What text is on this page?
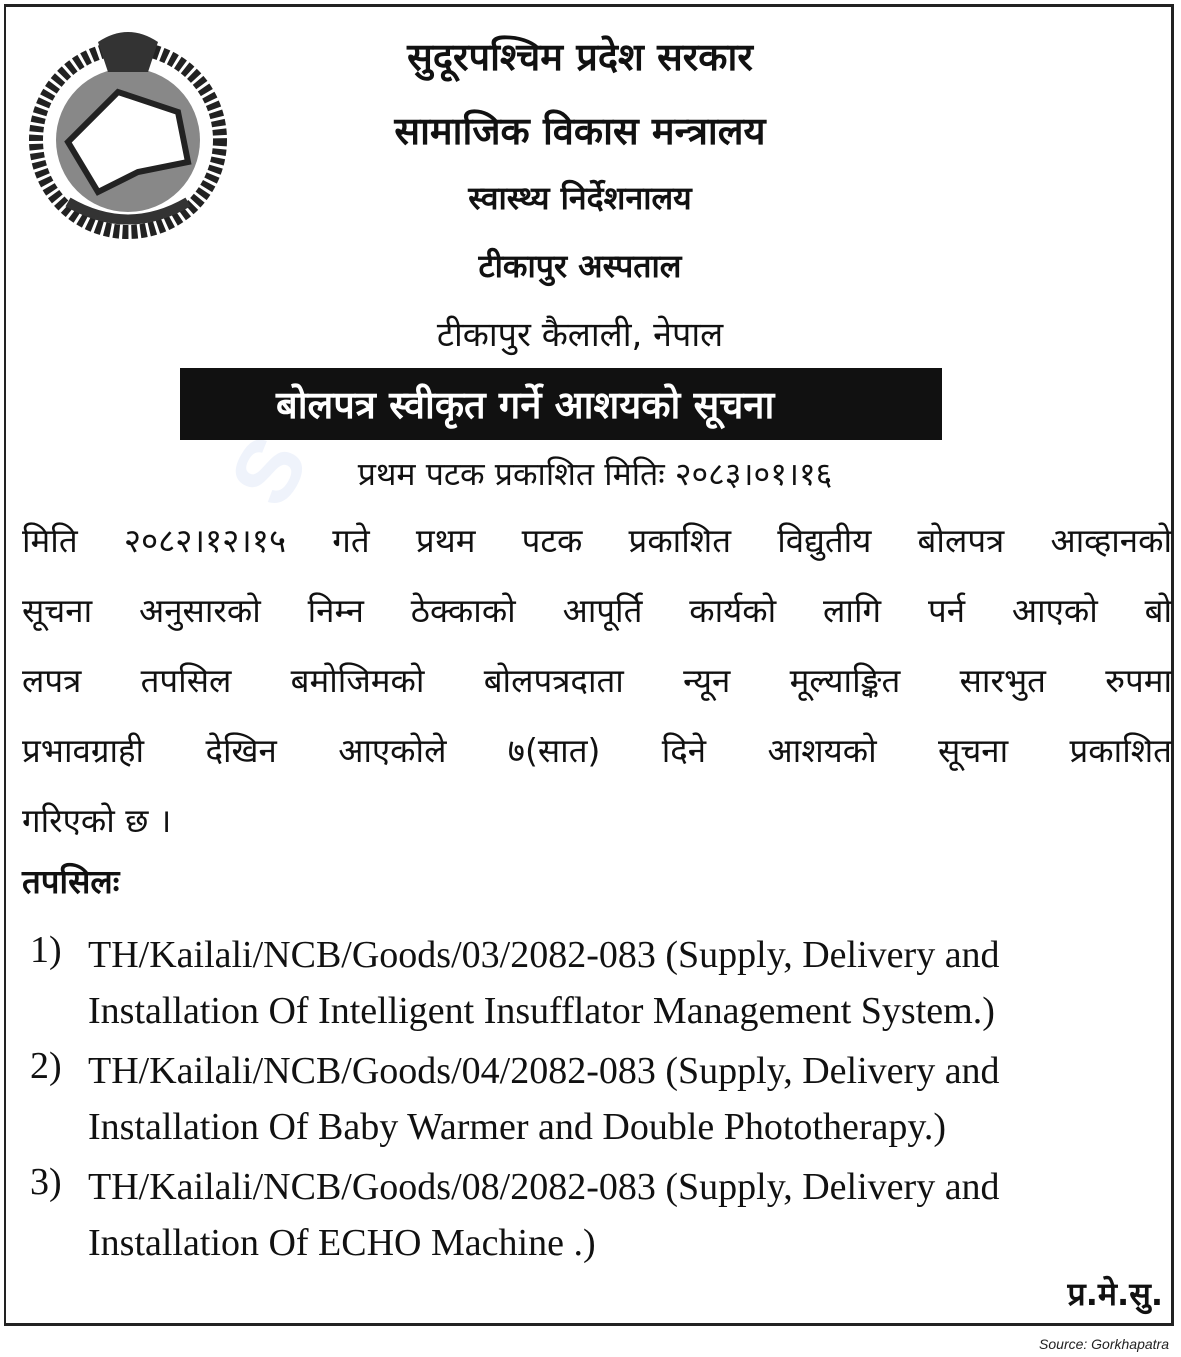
S
सुदूरपश्चिम प्रदेश सरकार
सामाजिक विकास मन्त्रालय
स्वास्थ्य निर्देशनालय
टीकापुर अस्पताल
टीकापुर कैलाली, नेपाल
बोलपत्र स्वीकृत गर्ने आशयको सूचना
प्रथम पटक प्रकाशित मितिः २०८३।०१।१६
मिति २०८२।१२।१५ गते प्रथम पटक प्रकाशित विद्युतीय बोलपत्र आव्हानको
सूचना अनुसारको निम्न ठेक्काको आपूर्ति कार्यको लागि पर्न आएको बो
लपत्र तपसिल बमोजिमको बोलपत्रदाता न्यून मूल्याङ्कित सारभुत रुपमा
प्रभावग्राही देखिन आएकोले ७(सात) दिने आशयको सूचना प्रकाशित
गरिएको छ ।
तपसिलः
1) TH/Kailali/NCB/Goods/03/2082-083 (Supply, Delivery and
Installation Of Intelligent Insufflator Management System.)
2) TH/Kailali/NCB/Goods/04/2082-083 (Supply, Delivery and
Installation Of Baby Warmer and Double Phototherapy.)
3) TH/Kailali/NCB/Goods/08/2082-083 (Supply, Delivery and
Installation Of ECHO Machine .)
प्र.मे.सु.
Source: Gorkhapatra
